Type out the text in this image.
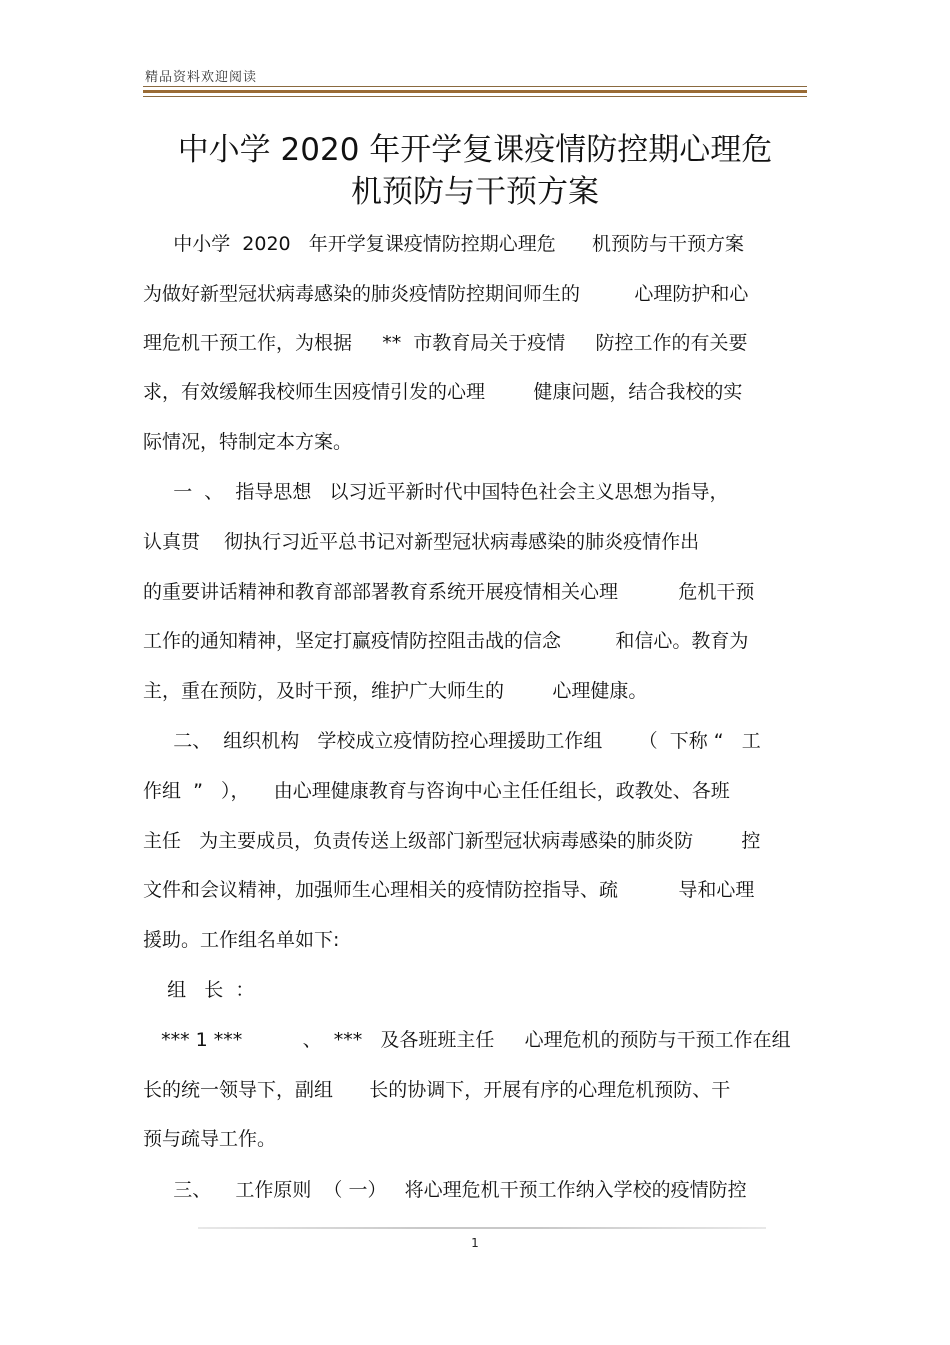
精品资料欢迎阅读
中小学 2020 年开学复课疫情防控期心理危
机预防与干预方案
中小学  2020   年开学复课疫情防控期心理危      机预防与干预方案
为做好新型冠状病毒感染的肺炎疫情防控期间师生的         心理防护和心
理危机干预工作，为根据     **  市教育局关于疫情     防控工作的有关要
求，有效缓解我校师生因疫情引发的心理        健康问题，结合我校的实
际情况，特制定本方案。
一  、  指导思想   以习近平新时代中国特色社会主义思想为指导，
认真贯    彻执行习近平总书记对新型冠状病毒感染的肺炎疫情作出
的重要讲话精神和教育部部署教育系统开展疫情相关心理          危机干预
工作的通知精神，坚定打赢疫情防控阻击战的信念         和信心。教育为
主，重在预防，及时干预，维护广大师生的        心理健康。
二、  组织机构   学校成立疫情防控心理援助工作组      （  下称 “   工
作组  ”   ），    由心理健康教育与咨询中心主任任组长，政教处、各班
主任   为主要成员，负责传送上级部门新型冠状病毒感染的肺炎防        控
文件和会议精神，加强师生心理相关的疫情防控指导、疏          导和心理
援助。工作组名单如下:
组   长  ：
*** 1 ***          、  ***   及各班班主任     心理危机的预防与干预工作在组
长的统一领导下，副组      长的协调下，开展有序的心理危机预防、干
预与疏导工作。
三、    工作原则  （ 一）   将心理危机干预工作纳入学校的疫情防控
1
